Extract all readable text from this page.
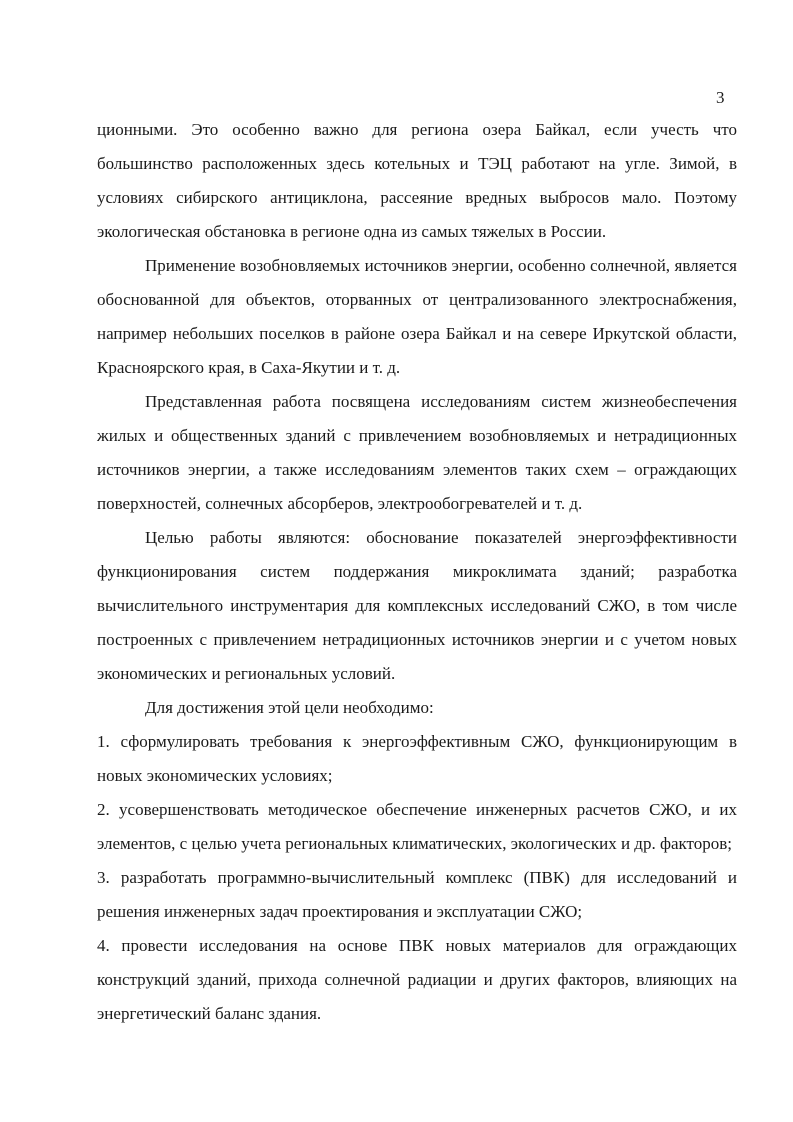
3

ционными. Это особенно важно для региона озера Байкал, если учесть что большинство расположенных здесь котельных и ТЭЦ работают на угле. Зимой, в условиях сибирского антициклона, рассеяние вредных выбросов мало. Поэтому экологическая обстановка в регионе одна из самых тяжелых в России.

Применение возобновляемых источников энергии, особенно солнечной, является обоснованной для объектов, оторванных от централизованного электроснабжения, например небольших поселков в районе озера Байкал и на севере Иркутской области, Красноярского края, в Саха-Якутии и т. д.

Представленная работа посвящена исследованиям систем жизнеобеспечения жилых и общественных зданий с привлечением возобновляемых и нетрадиционных источников энергии, а также исследованиям элементов таких схем – ограждающих поверхностей, солнечных абсорберов, электрообогревателей и т. д.

Целью работы являются: обоснование показателей энергоэффективности функционирования систем поддержания микроклимата зданий; разработка вычислительного инструментария для комплексных исследований СЖО, в том числе построенных с привлечением нетрадиционных источников энергии и с учетом новых экономических и региональных условий.

Для достижения этой цели необходимо:

1. сформулировать требования к энергоэффективным СЖО, функционирующим в новых экономических условиях;

2. усовершенствовать методическое обеспечение инженерных расчетов СЖО, и их элементов, с целью учета региональных климатических, экологических и др. факторов;

3. разработать программно-вычислительный комплекс (ПВК) для исследований и решения инженерных задач проектирования и эксплуатации СЖО;

4. провести исследования на основе ПВК новых материалов для ограждающих конструкций зданий, прихода солнечной радиации и других факторов, влияющих на энергетический баланс здания.
